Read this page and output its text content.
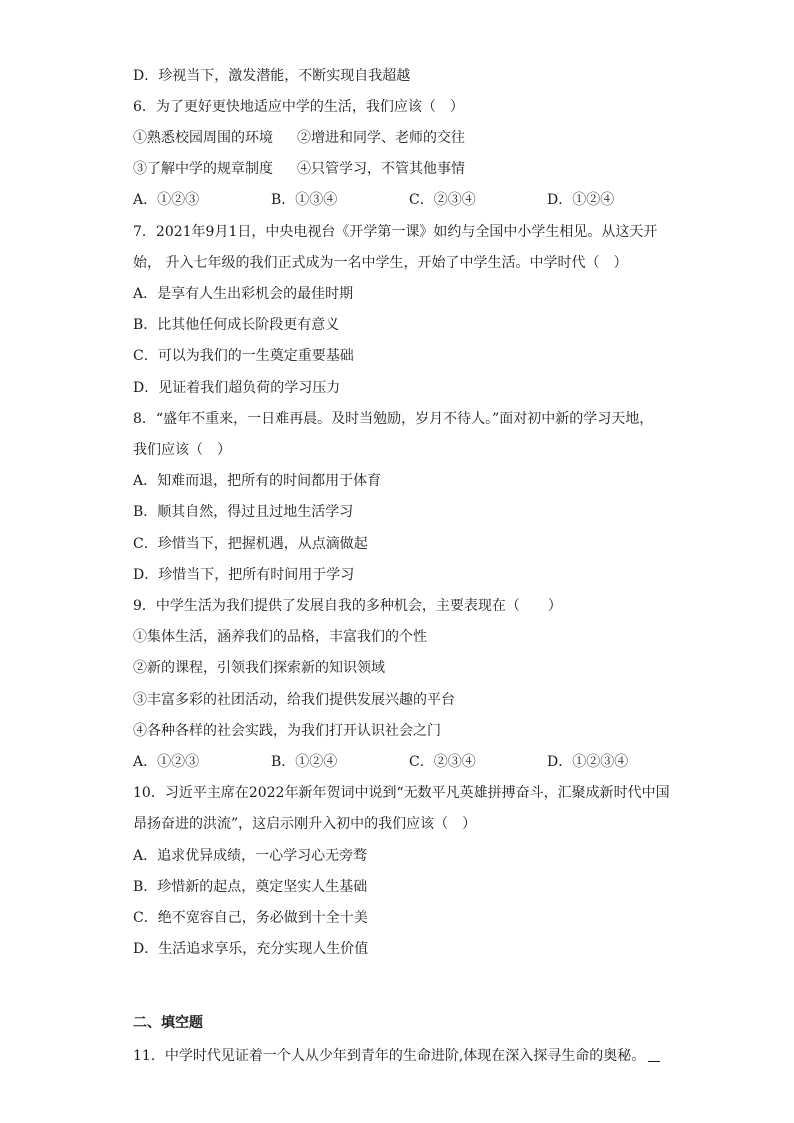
D．珍视当下，激发潜能，不断实现自我超越
6．为了更好更快地适应中学的生活，我们应该（　）
①熟悉校园周围的环境 ②增进和同学、老师的交往
③了解中学的规章制度 ④只管学习，不管其他事情
A．①②③	B．①③④	C．②③④	D．①②④
7．2021年9月1日，中央电视台《开学第一课》如约与全国中小学生相见。从这天开
始， 升入七年级的我们正式成为一名中学生，开始了中学生活。中学时代（　）
A．是享有人生出彩机会的最佳时期
B．比其他任何成长阶段更有意义
C．可以为我们的一生奠定重要基础
D．见证着我们超负荷的学习压力
8．“盛年不重来，一日难再晨。及时当勉励，岁月不待人。”面对初中新的学习天地，
我们应该（　）
A．知难而退，把所有的时间都用于体育
B．顺其自然，得过且过地生活学习
C．珍惜当下，把握机遇，从点滴做起
D．珍惜当下，把所有时间用于学习
9．中学生活为我们提供了发展自我的多种机会，主要表现在（　　）
①集体生活，涵养我们的品格，丰富我们的个性
②新的课程，引领我们探索新的知识领域
③丰富多彩的社团活动，给我们提供发展兴趣的平台
④各种各样的社会实践，为我们打开认识社会之门
A．①②③	B．①②④	C．②③④	D．①②③④
10．习近平主席在2022年新年贺词中说到“无数平凡英雄拼搏奋斗，汇聚成新时代中国
昂扬奋进的洪流”，这启示刚升入初中的我们应该（　）
A．追求优异成绩，一心学习心无旁骛
B．珍惜新的起点，奠定坚实人生基础
C．绝不宽容自己，务必做到十全十美
D．生活追求享乐，充分实现人生价值
二、填空题
11．中学时代见证着一个人从少年到青年的生命进阶,体现在深入探寻生命的奥秘。
